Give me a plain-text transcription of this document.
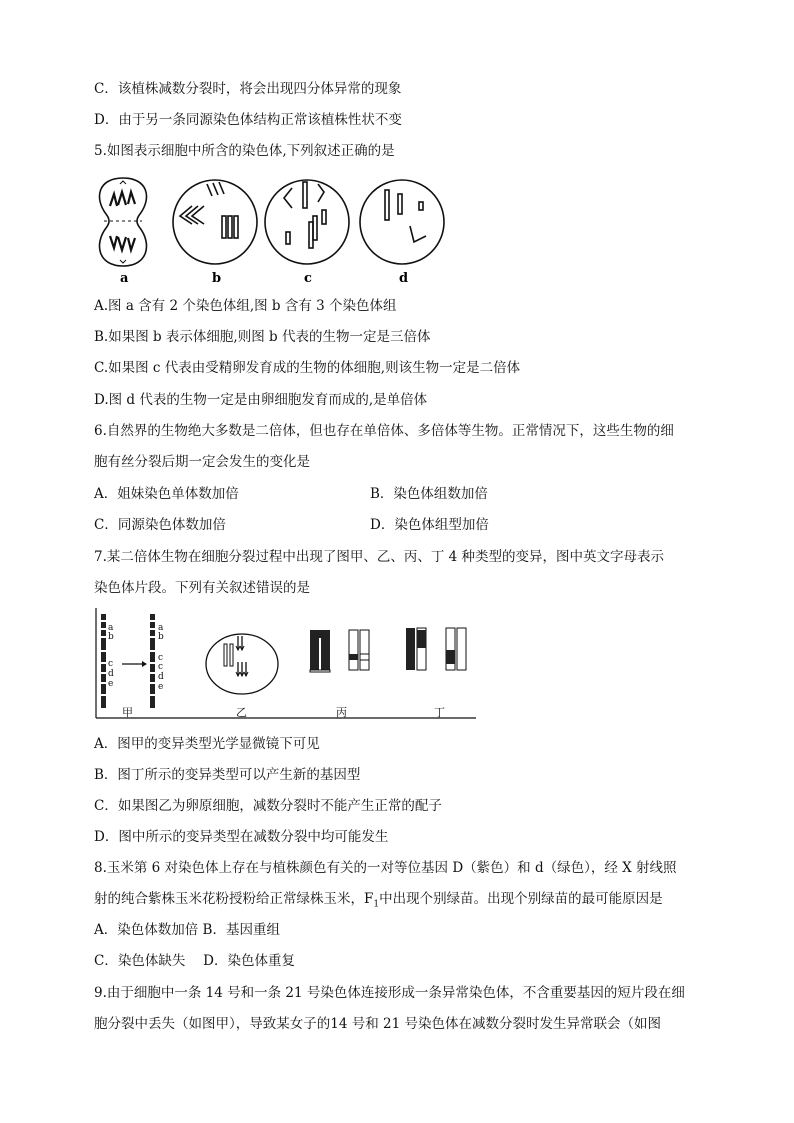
C．该植株减数分裂时，将会出现四分体异常的现象
D．由于另一条同源染色体结构正常该植株性状不变
5.如图表示细胞中所含的染色体,下列叙述正确的是
a	b	c	d
A.图 a 含有 2 个染色体组,图 b 含有 3 个染色体组
B.如果图 b 表示体细胞,则图 b 代表的生物一定是三倍体
C.如果图 c 代表由受精卵发育成的生物的体细胞,则该生物一定是二倍体
D.图 d 代表的生物一定是由卵细胞发育而成的,是单倍体
6.自然界的生物绝大多数是二倍体，但也存在单倍体、多倍体等生物。正常情况下，这些生物的细
胞有丝分裂后期一定会发生的变化是
A．姐妹染色单体数加倍	B．染色体组数加倍
C．同源染色体数加倍	D．染色体组型加倍
7.某二倍体生物在细胞分裂过程中出现了图甲、乙、丙、丁 4 种类型的变异，图中英文字母表示
染色体片段。下列有关叙述错误的是
a
b
c
d
e
a
b
c
c
d
e
甲	乙	丙	丁
A．图甲的变异类型光学显微镜下可见
B．图丁所示的变异类型可以产生新的基因型
C．如果图乙为卵原细胞，减数分裂时不能产生正常的配子
D．图中所示的变异类型在减数分裂中均可能发生
8.玉米第 6 对染色体上存在与植株颜色有关的一对等位基因 D（紫色）和 d（绿色），经 X 射线照
射的纯合紫株玉米花粉授粉给正常绿株玉米，$F_1$中出现个别绿苗。出现个别绿苗的最可能原因是
A．染色体数加倍 B．基因重组
C．染色体缺失　 D．染色体重复
9.由于细胞中一条 14 号和一条 21 号染色体连接形成一条异常染色体，不含重要基因的短片段在细
胞分裂中丢失（如图甲），导致某女子的14 号和 21 号染色体在减数分裂时发生异常联会（如图
